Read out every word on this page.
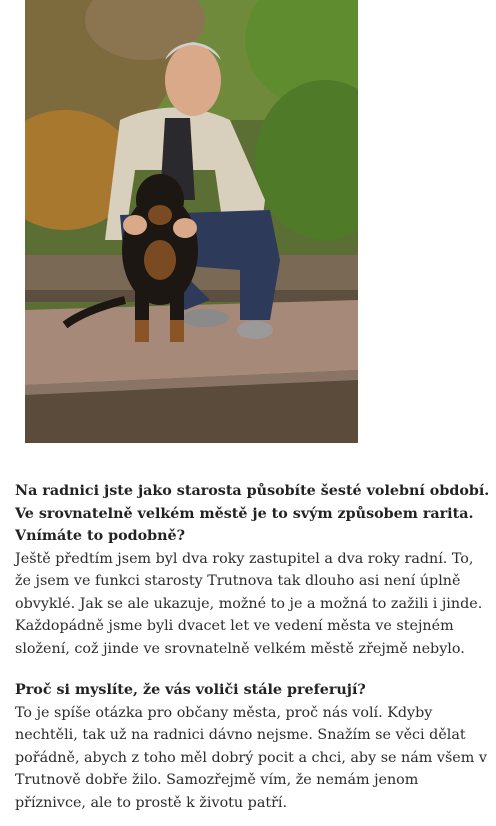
Na radnici jste jako starosta působíte šesté volební období. Ve srovnatelně velkém městě je to svým způsobem rarita. Vnímáte to podobně?
Ještě předtím jsem byl dva roky zastupitel a dva roky radní. To, že jsem ve funkci starosty Trutnova tak dlouho asi není úplně obvyklé. Jak se ale ukazuje, možné to je a možná to zažili i jinde. Každopádně jsme byli dvacet let ve vedení města ve stejném složení, což jinde ve srovnatelně velkém městě zřejmě nebylo.

Proč si myslíte, že vás voliči stále preferují?
To je spíše otázka pro občany města, proč nás volí. Kdyby nechtěli, tak už na radnici dávno nejsme. Snažím se věci dělat pořádně, abych z toho měl dobrý pocit a chci, aby se nám všem v Trutnově dobře žilo. Samozřejmě vím, že nemám jenom příznivce, ale to prostě k životu patří.
